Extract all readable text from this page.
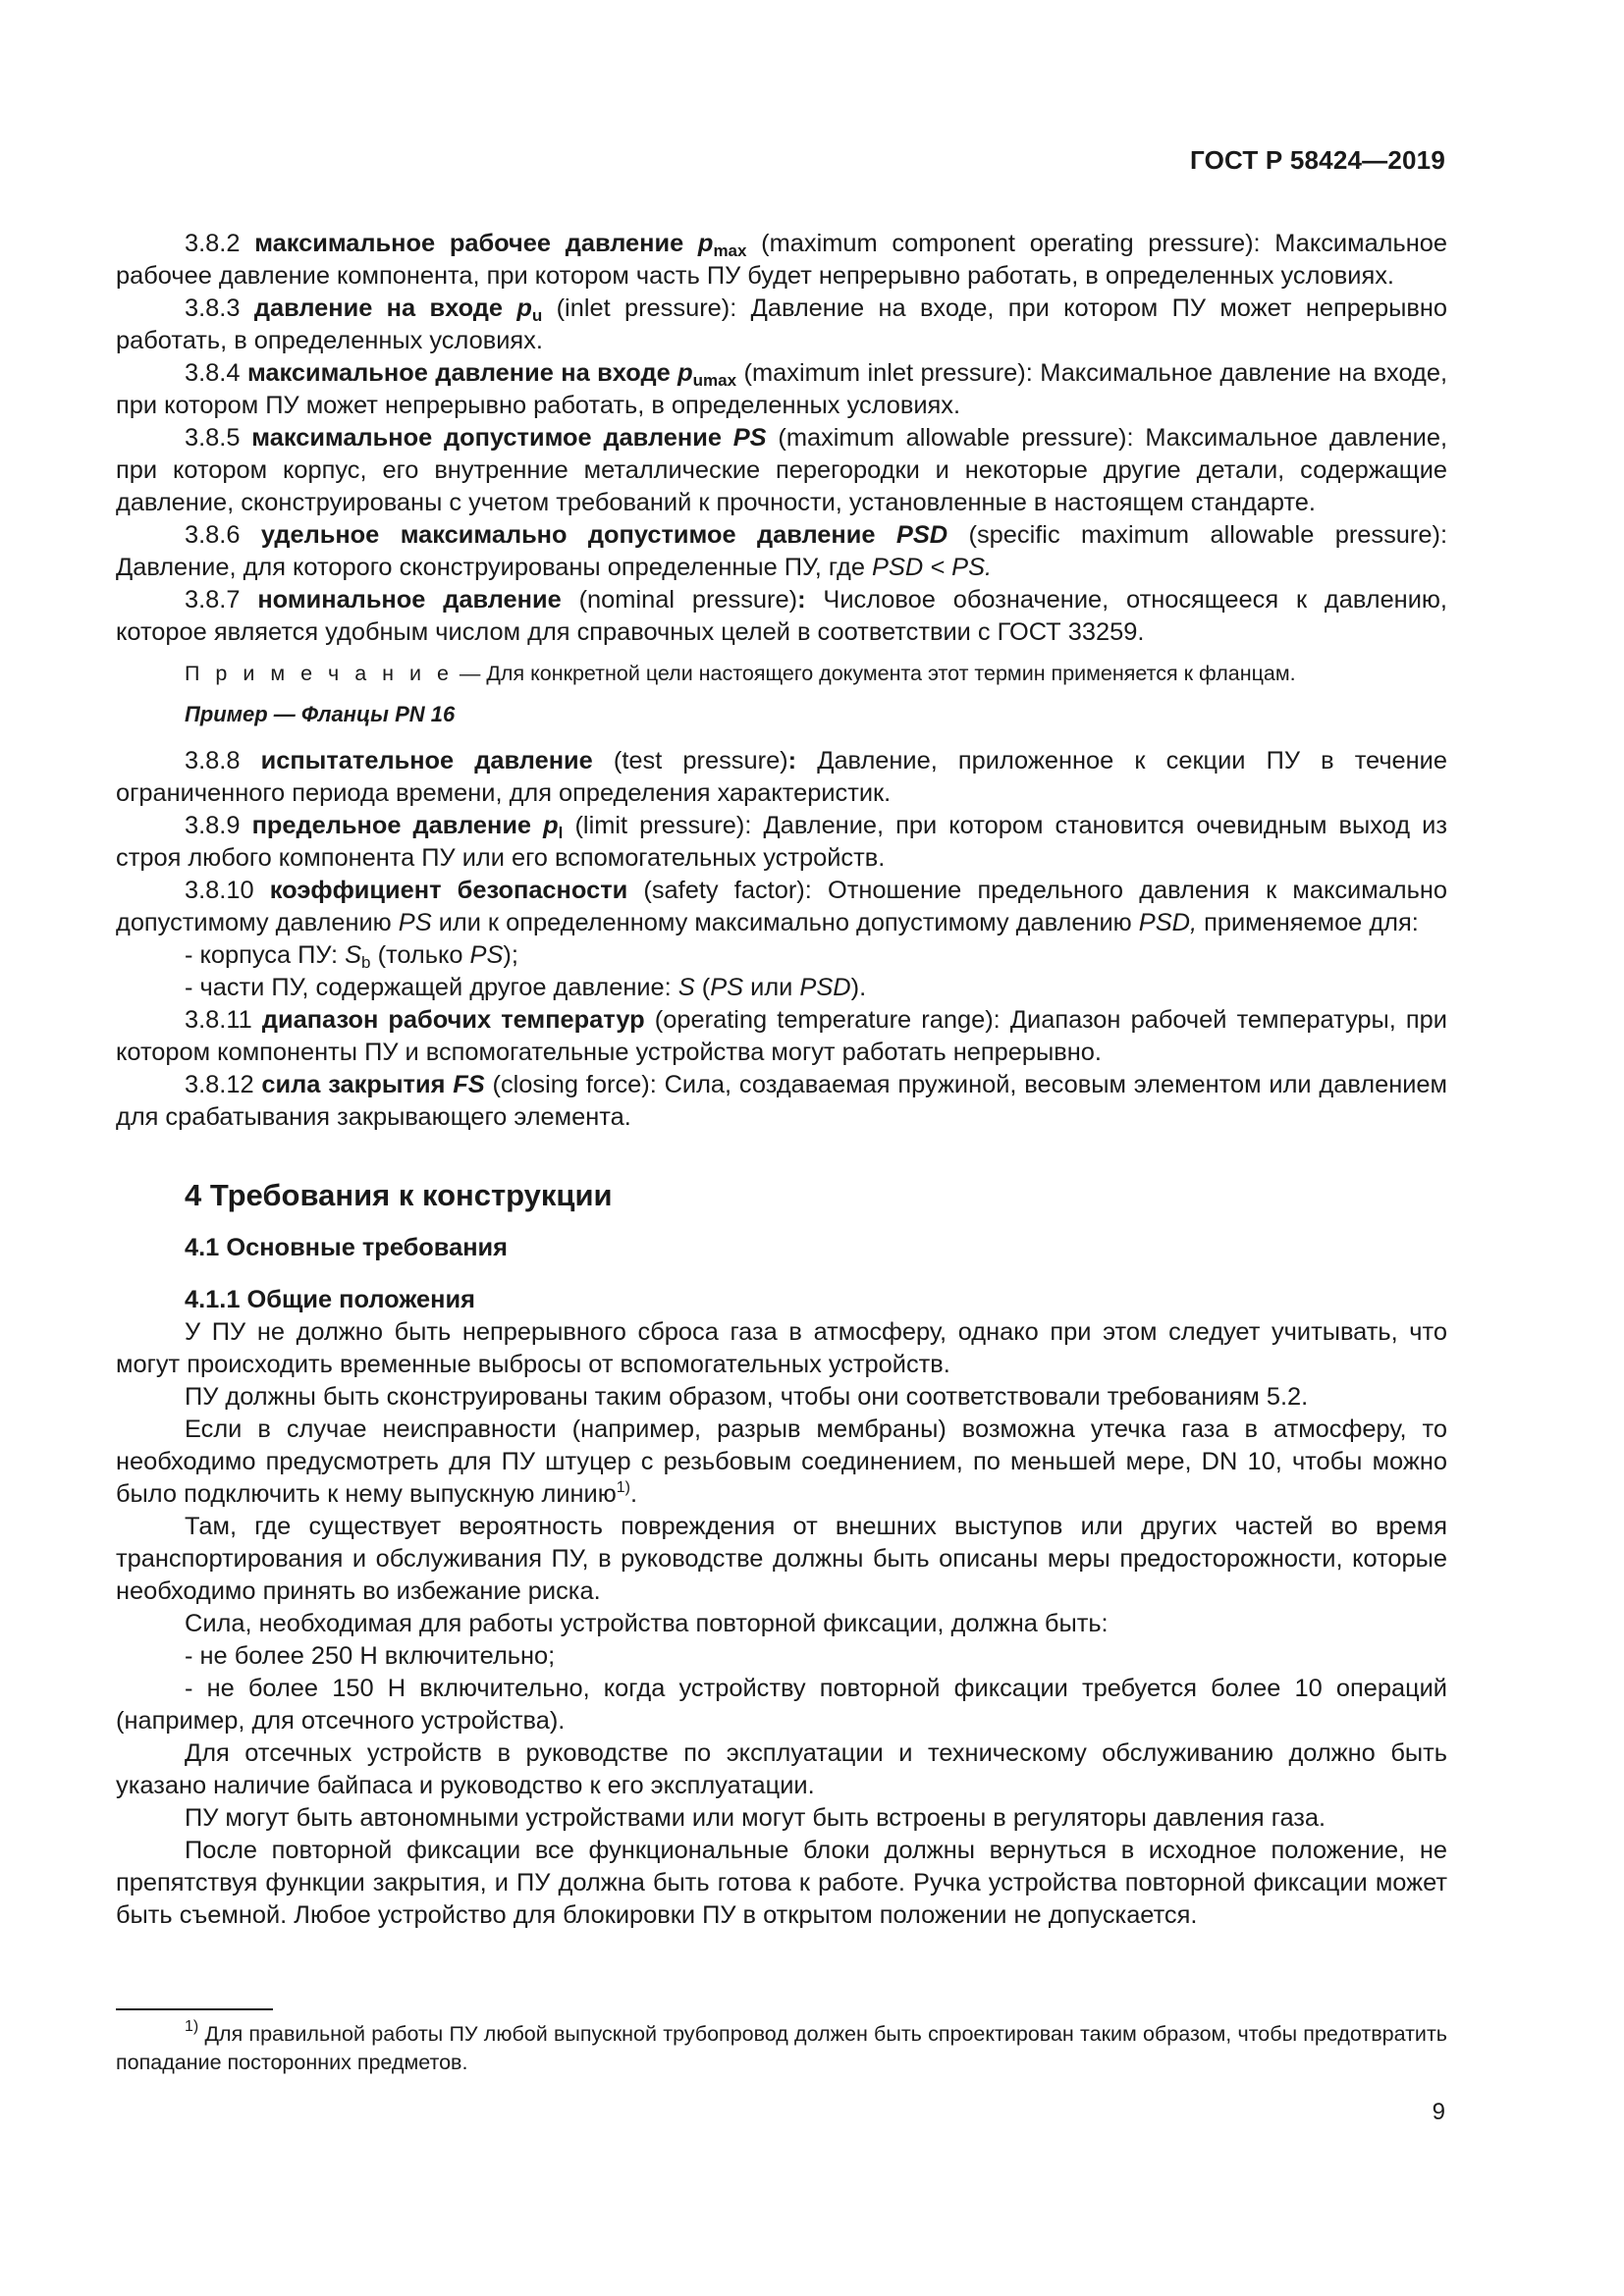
ГОСТ Р 58424—2019

3.8.2 максимальное рабочее давление $p_{max}$ (maximum component operating pressure): Максимальное рабочее давление компонента, при котором часть ПУ будет непрерывно работать, в определенных условиях.

3.8.3 давление на входе $p_u$ (inlet pressure): Давление на входе, при котором ПУ может непрерывно работать, в определенных условиях.

3.8.4 максимальное давление на входе $p_{umax}$ (maximum inlet pressure): Максимальное давление на входе, при котором ПУ может непрерывно работать, в определенных условиях.

3.8.5 максимальное допустимое давление PS (maximum allowable pressure): Максимальное давление, при котором корпус, его внутренние металлические перегородки и некоторые другие детали, содержащие давление, сконструированы с учетом требований к прочности, установленные в настоящем стандарте.

3.8.6 удельное максимально допустимое давление PSD (specific maximum allowable pressure): Давление, для которого сконструированы определенные ПУ, где PSD < PS.

3.8.7 номинальное давление (nominal pressure): Числовое обозначение, относящееся к давлению, которое является удобным числом для справочных целей в соответствии с ГОСТ 33259.

П р и м е ч а н и е — Для конкретной цели настоящего документа этот термин применяется к фланцам.

Пример — Фланцы PN 16

3.8.8 испытательное давление (test pressure): Давление, приложенное к секции ПУ в течение ограниченного периода времени, для определения характеристик.

3.8.9 предельное давление $p_l$ (limit pressure): Давление, при котором становится очевидным выход из строя любого компонента ПУ или его вспомогательных устройств.

3.8.10 коэффициент безопасности (safety factor): Отношение предельного давления к максимально допустимому давлению PS или к определенному максимально допустимому давлению PSD, применяемое для:

- корпуса ПУ: $S_b$ (только PS);

- части ПУ, содержащей другое давление: S (PS или PSD).

3.8.11 диапазон рабочих температур (operating temperature range): Диапазон рабочей температуры, при котором компоненты ПУ и вспомогательные устройства могут работать непрерывно.

3.8.12 сила закрытия FS (closing force): Сила, создаваемая пружиной, весовым элементом или давлением для срабатывания закрывающего элемента.

4 Требования к конструкции
4.1 Основные требования
4.1.1 Общие положения

У ПУ не должно быть непрерывного сброса газа в атмосферу, однако при этом следует учитывать, что могут происходить временные выбросы от вспомогательных устройств.

ПУ должны быть сконструированы таким образом, чтобы они соответствовали требованиям 5.2.

Если в случае неисправности (например, разрыв мембраны) возможна утечка газа в атмосферу, то необходимо предусмотреть для ПУ штуцер с резьбовым соединением, по меньшей мере, DN 10, чтобы можно было подключить к нему выпускную линию$^{1)}$.

Там, где существует вероятность повреждения от внешних выступов или других частей во время транспортирования и обслуживания ПУ, в руководстве должны быть описаны меры предосторожности, которые необходимо принять во избежание риска.

Сила, необходимая для работы устройства повторной фиксации, должна быть:

- не более 250 Н включительно;

- не более 150 Н включительно, когда устройству повторной фиксации требуется более 10 операций (например, для отсечного устройства).

Для отсечных устройств в руководстве по эксплуатации и техническому обслуживанию должно быть указано наличие байпаса и руководство к его эксплуатации.

ПУ могут быть автономными устройствами или могут быть встроены в регуляторы давления газа.

После повторной фиксации все функциональные блоки должны вернуться в исходное положение, не препятствуя функции закрытия, и ПУ должна быть готова к работе. Ручка устройства повторной фиксации может быть съемной. Любое устройство для блокировки ПУ в открытом положении не допускается.

$^{1)}$ Для правильной работы ПУ любой выпускной трубопровод должен быть спроектирован таким образом, чтобы предотвратить попадание посторонних предметов.

9
